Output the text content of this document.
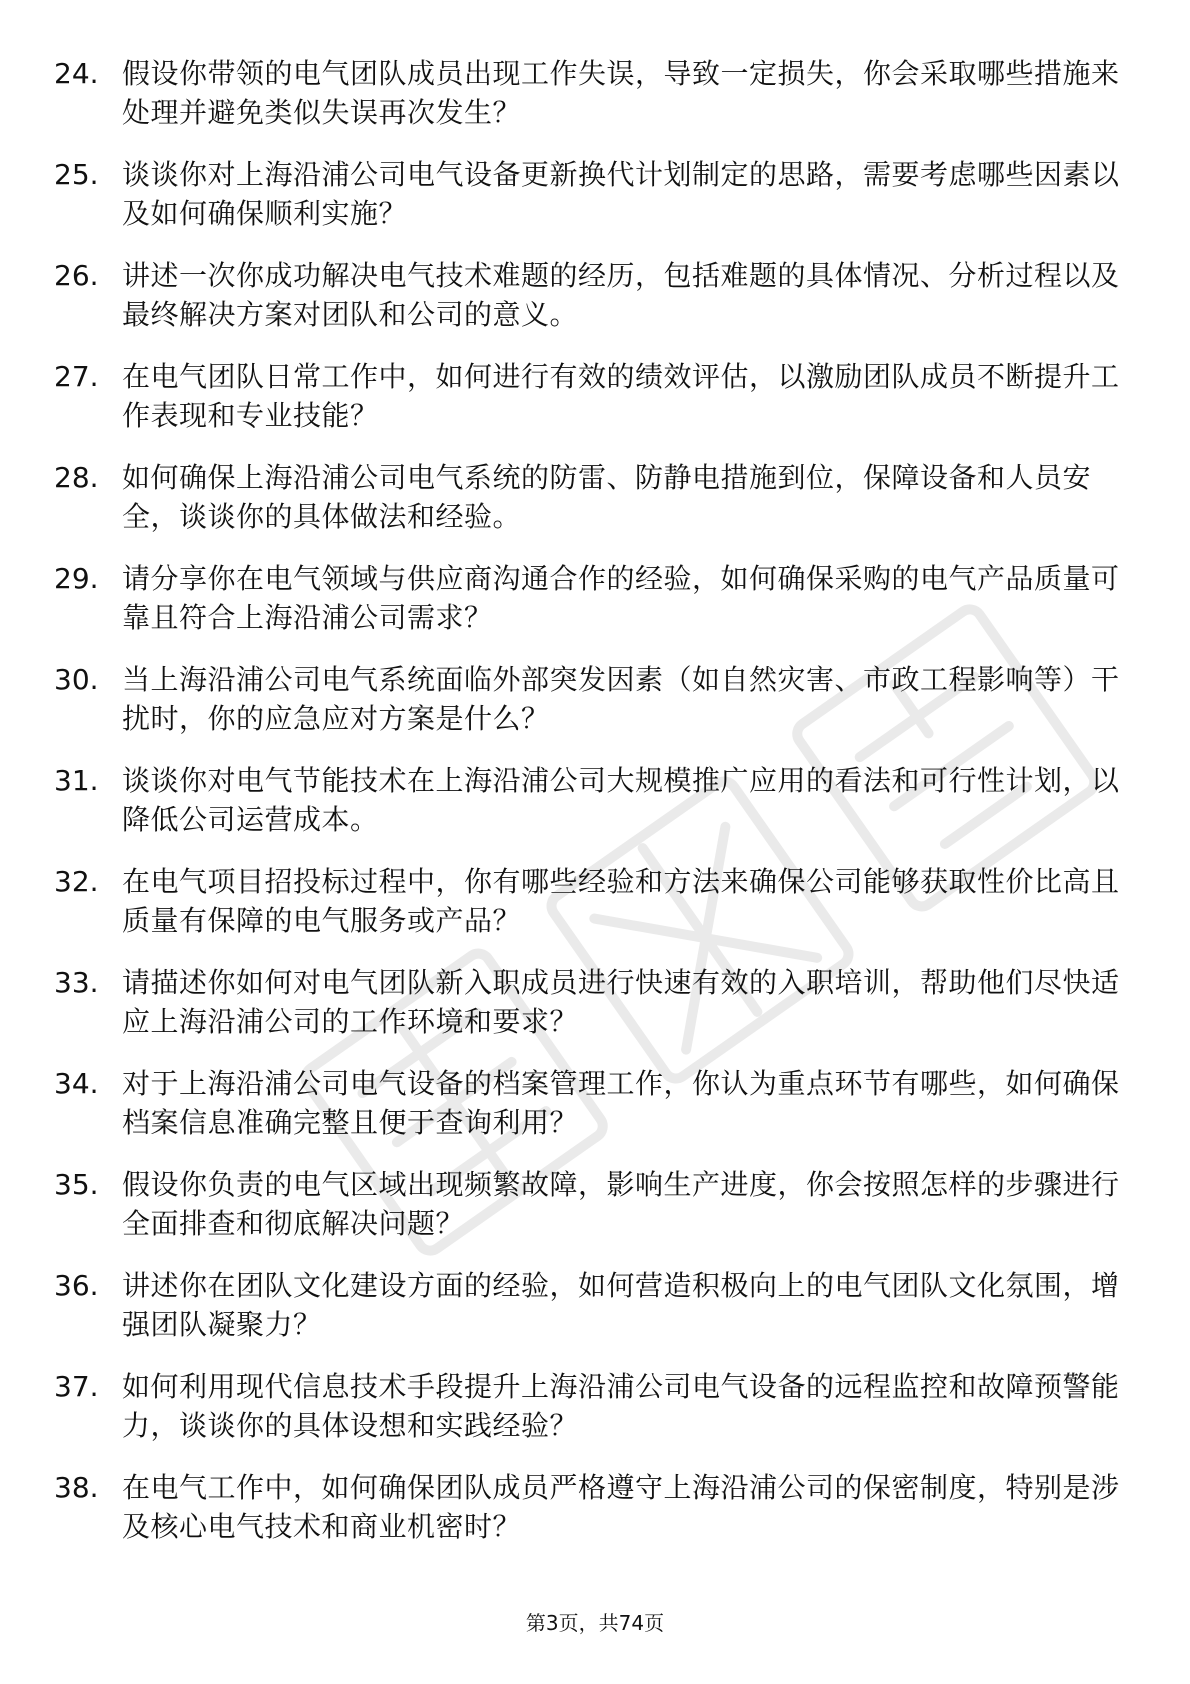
24. 假设你带领的电气团队成员出现工作失误，导致一定损失，你会采取哪些措施来处理并避免类似失误再次发生？
25. 谈谈你对上海沿浦公司电气设备更新换代计划制定的思路，需要考虑哪些因素以及如何确保顺利实施？
26. 讲述一次你成功解决电气技术难题的经历，包括难题的具体情况、分析过程以及最终解决方案对团队和公司的意义。
27. 在电气团队日常工作中，如何进行有效的绩效评估，以激励团队成员不断提升工作表现和专业技能？
28. 如何确保上海沿浦公司电气系统的防雷、防静电措施到位，保障设备和人员安全，谈谈你的具体做法和经验。
29. 请分享你在电气领域与供应商沟通合作的经验，如何确保采购的电气产品质量可靠且符合上海沿浦公司需求？
30. 当上海沿浦公司电气系统面临外部突发因素（如自然灾害、市政工程影响等）干扰时，你的应急应对方案是什么？
31. 谈谈你对电气节能技术在上海沿浦公司大规模推广应用的看法和可行性计划，以降低公司运营成本。
32. 在电气项目招投标过程中，你有哪些经验和方法来确保公司能够获取性价比高且质量有保障的电气服务或产品？
33. 请描述你如何对电气团队新入职成员进行快速有效的入职培训，帮助他们尽快适应上海沿浦公司的工作环境和要求？
34. 对于上海沿浦公司电气设备的档案管理工作，你认为重点环节有哪些，如何确保档案信息准确完整且便于查询利用？
35. 假设你负责的电气区域出现频繁故障，影响生产进度，你会按照怎样的步骤进行全面排查和彻底解决问题？
36. 讲述你在团队文化建设方面的经验，如何营造积极向上的电气团队文化氛围，增强团队凝聚力？
37. 如何利用现代信息技术手段提升上海沿浦公司电气设备的远程监控和故障预警能力，谈谈你的具体设想和实践经验？
38. 在电气工作中，如何确保团队成员严格遵守上海沿浦公司的保密制度，特别是涉及核心电气技术和商业机密时？
第3页，共74页
